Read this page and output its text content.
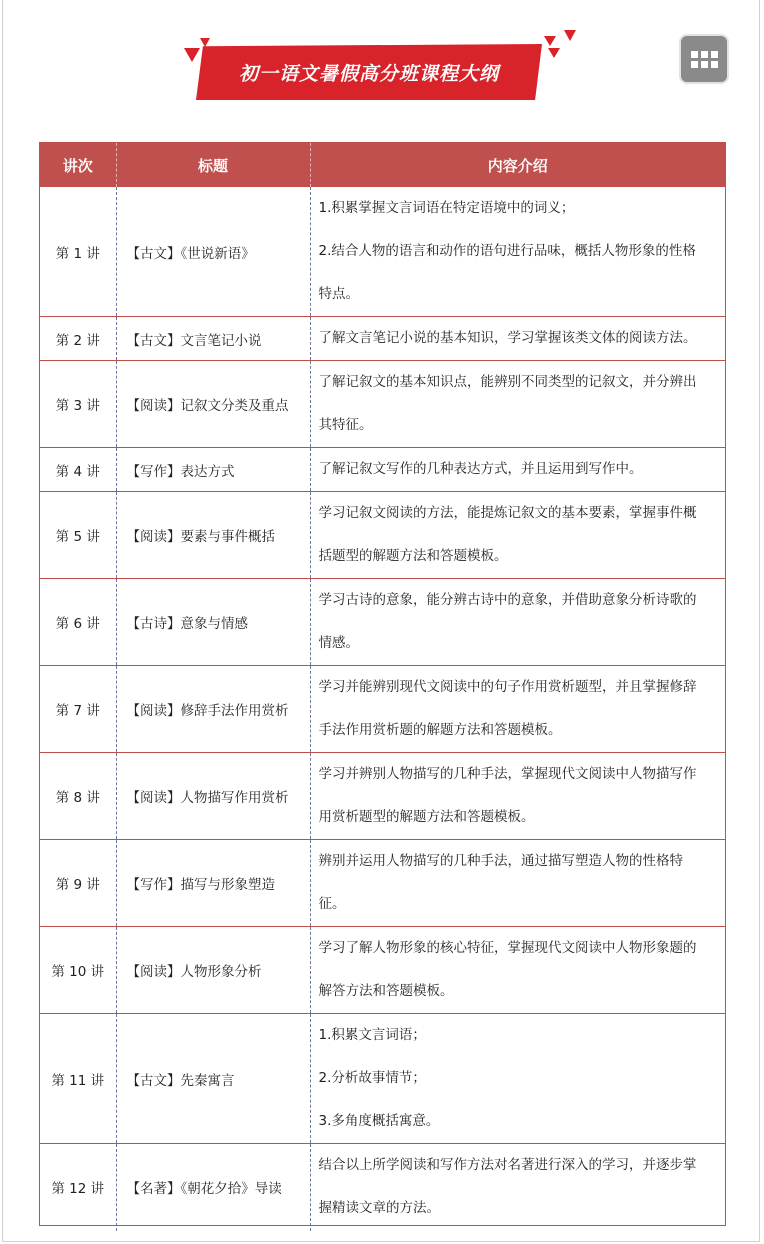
初一语文暑假高分班课程大纲
讲次	标题	内容介绍
第 1 讲	【古文】《世说新语》	1.积累掌握文言词语在特定语境中的词义；
2.结合人物的语言和动作的语句进行品味，概括人物形象的性格
特点。

第 2 讲	【古文】文言笔记小说	了解文言笔记小说的基本知识，学习掌握该类文体的阅读方法。

第 3 讲	【阅读】记叙文分类及重点	了解记叙文的基本知识点，能辨别不同类型的记叙文，并分辨出
其特征。

第 4 讲	【写作】表达方式	了解记叙文写作的几种表达方式，并且运用到写作中。

第 5 讲	【阅读】要素与事件概括	学习记叙文阅读的方法，能提炼记叙文的基本要素，掌握事件概
括题型的解题方法和答题模板。

第 6 讲	【古诗】意象与情感	学习古诗的意象，能分辨古诗中的意象，并借助意象分析诗歌的
情感。

第 7 讲	【阅读】修辞手法作用赏析	学习并能辨别现代文阅读中的句子作用赏析题型，并且掌握修辞
手法作用赏析题的解题方法和答题模板。

第 8 讲	【阅读】人物描写作用赏析	学习并辨别人物描写的几种手法，掌握现代文阅读中人物描写作
用赏析题型的解题方法和答题模板。

第 9 讲	【写作】描写与形象塑造	辨别并运用人物描写的几种手法，通过描写塑造人物的性格特
征。

第 10 讲	【阅读】人物形象分析	学习了解人物形象的核心特征，掌握现代文阅读中人物形象题的
解答方法和答题模板。

第 11 讲	【古文】先秦寓言	1.积累文言词语；
2.分析故事情节；
3.多角度概括寓意。

第 12 讲	【名著】《朝花夕拾》导读	结合以上所学阅读和写作方法对名著进行深入的学习，并逐步掌
握精读文章的方法。
